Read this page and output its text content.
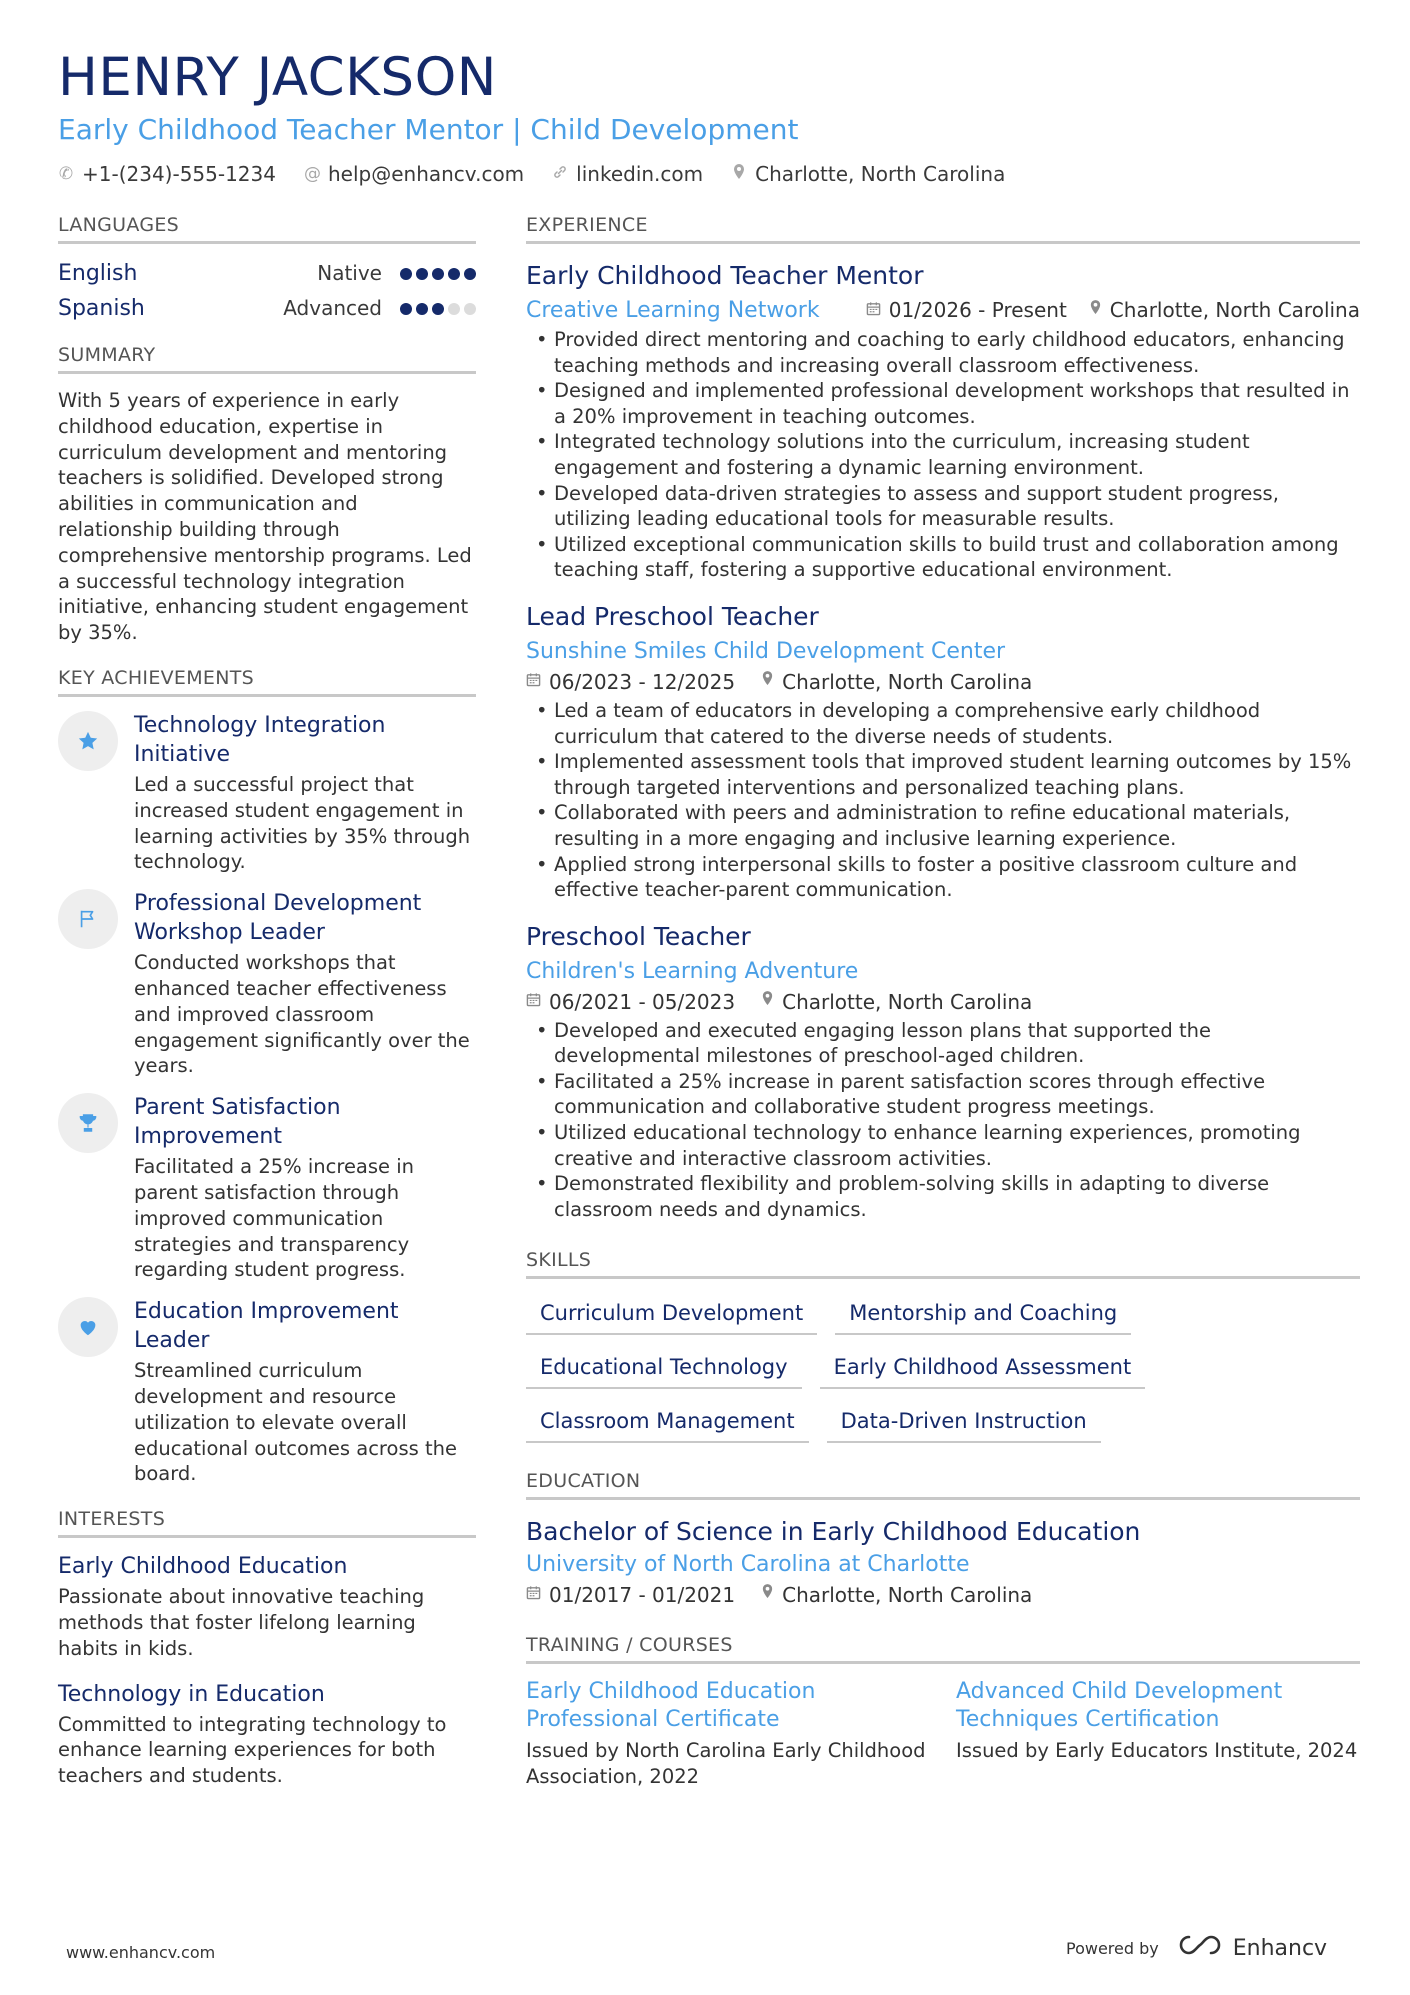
HENRY JACKSON
Early Childhood Teacher Mentor | Child Development
✆ +1-(234)-555-1234 @ help@enhancv.com	linkedin.com	Charlotte, North Carolina
LANGUAGES
English	Native
Spanish	Advanced
SUMMARY
With 5 years of experience in early childhood education, expertise in curriculum development and mentoring teachers is solidified. Developed strong abilities in communication and relationship building through comprehensive mentorship programs. Led a successful technology integration initiative, enhancing student engagement by 35%.
KEY ACHIEVEMENTS
Technology Integration Initiative
Led a successful project that increased student engagement in learning activities by 35% through technology.
Professional Development Workshop Leader
Conducted workshops that enhanced teacher effectiveness and improved classroom engagement significantly over the years.
Parent Satisfaction Improvement
Facilitated a 25% increase in parent satisfaction through improved communication strategies and transparency regarding student progress.
Education Improvement Leader
Streamlined curriculum development and resource utilization to elevate overall educational outcomes across the board.
INTERESTS
Early Childhood Education
Passionate about innovative teaching methods that foster lifelong learning habits in kids.
Technology in Education
Committed to integrating technology to enhance learning experiences for both teachers and students.
EXPERIENCE
Early Childhood Teacher Mentor
Creative Learning Network	01/2026 - Present Charlotte, North Carolina
• Provided direct mentoring and coaching to early childhood educators, enhancing teaching methods and increasing overall classroom effectiveness.
• Designed and implemented professional development workshops that resulted in a 20% improvement in teaching outcomes.
• Integrated technology solutions into the curriculum, increasing student engagement and fostering a dynamic learning environment.
• Developed data-driven strategies to assess and support student progress, utilizing leading educational tools for measurable results.
• Utilized exceptional communication skills to build trust and collaboration among teaching staff, fostering a supportive educational environment.
Lead Preschool Teacher
Sunshine Smiles Child Development Center
06/2023 - 12/2025 Charlotte, North Carolina
• Led a team of educators in developing a comprehensive early childhood curriculum that catered to the diverse needs of students.
• Implemented assessment tools that improved student learning outcomes by 15% through targeted interventions and personalized teaching plans.
• Collaborated with peers and administration to refine educational materials, resulting in a more engaging and inclusive learning experience.
• Applied strong interpersonal skills to foster a positive classroom culture and effective teacher-parent communication.
Preschool Teacher
Children's Learning Adventure
06/2021 - 05/2023 Charlotte, North Carolina
• Developed and executed engaging lesson plans that supported the developmental milestones of preschool-aged children.
• Facilitated a 25% increase in parent satisfaction scores through effective communication and collaborative student progress meetings.
• Utilized educational technology to enhance learning experiences, promoting creative and interactive classroom activities.
• Demonstrated flexibility and problem-solving skills in adapting to diverse classroom needs and dynamics.
SKILLS
Curriculum Development	Mentorship and Coaching
Educational Technology	Early Childhood Assessment
Classroom Management	Data-Driven Instruction
EDUCATION
Bachelor of Science in Early Childhood Education
University of North Carolina at Charlotte
01/2017 - 01/2021 Charlotte, North Carolina
TRAINING / COURSES
Early Childhood Education Professional Certificate
Issued by North Carolina Early Childhood Association, 2022
Advanced Child Development Techniques Certification
Issued by Early Educators Institute, 2024
www.enhancv.com	Powered by	Enhancv
